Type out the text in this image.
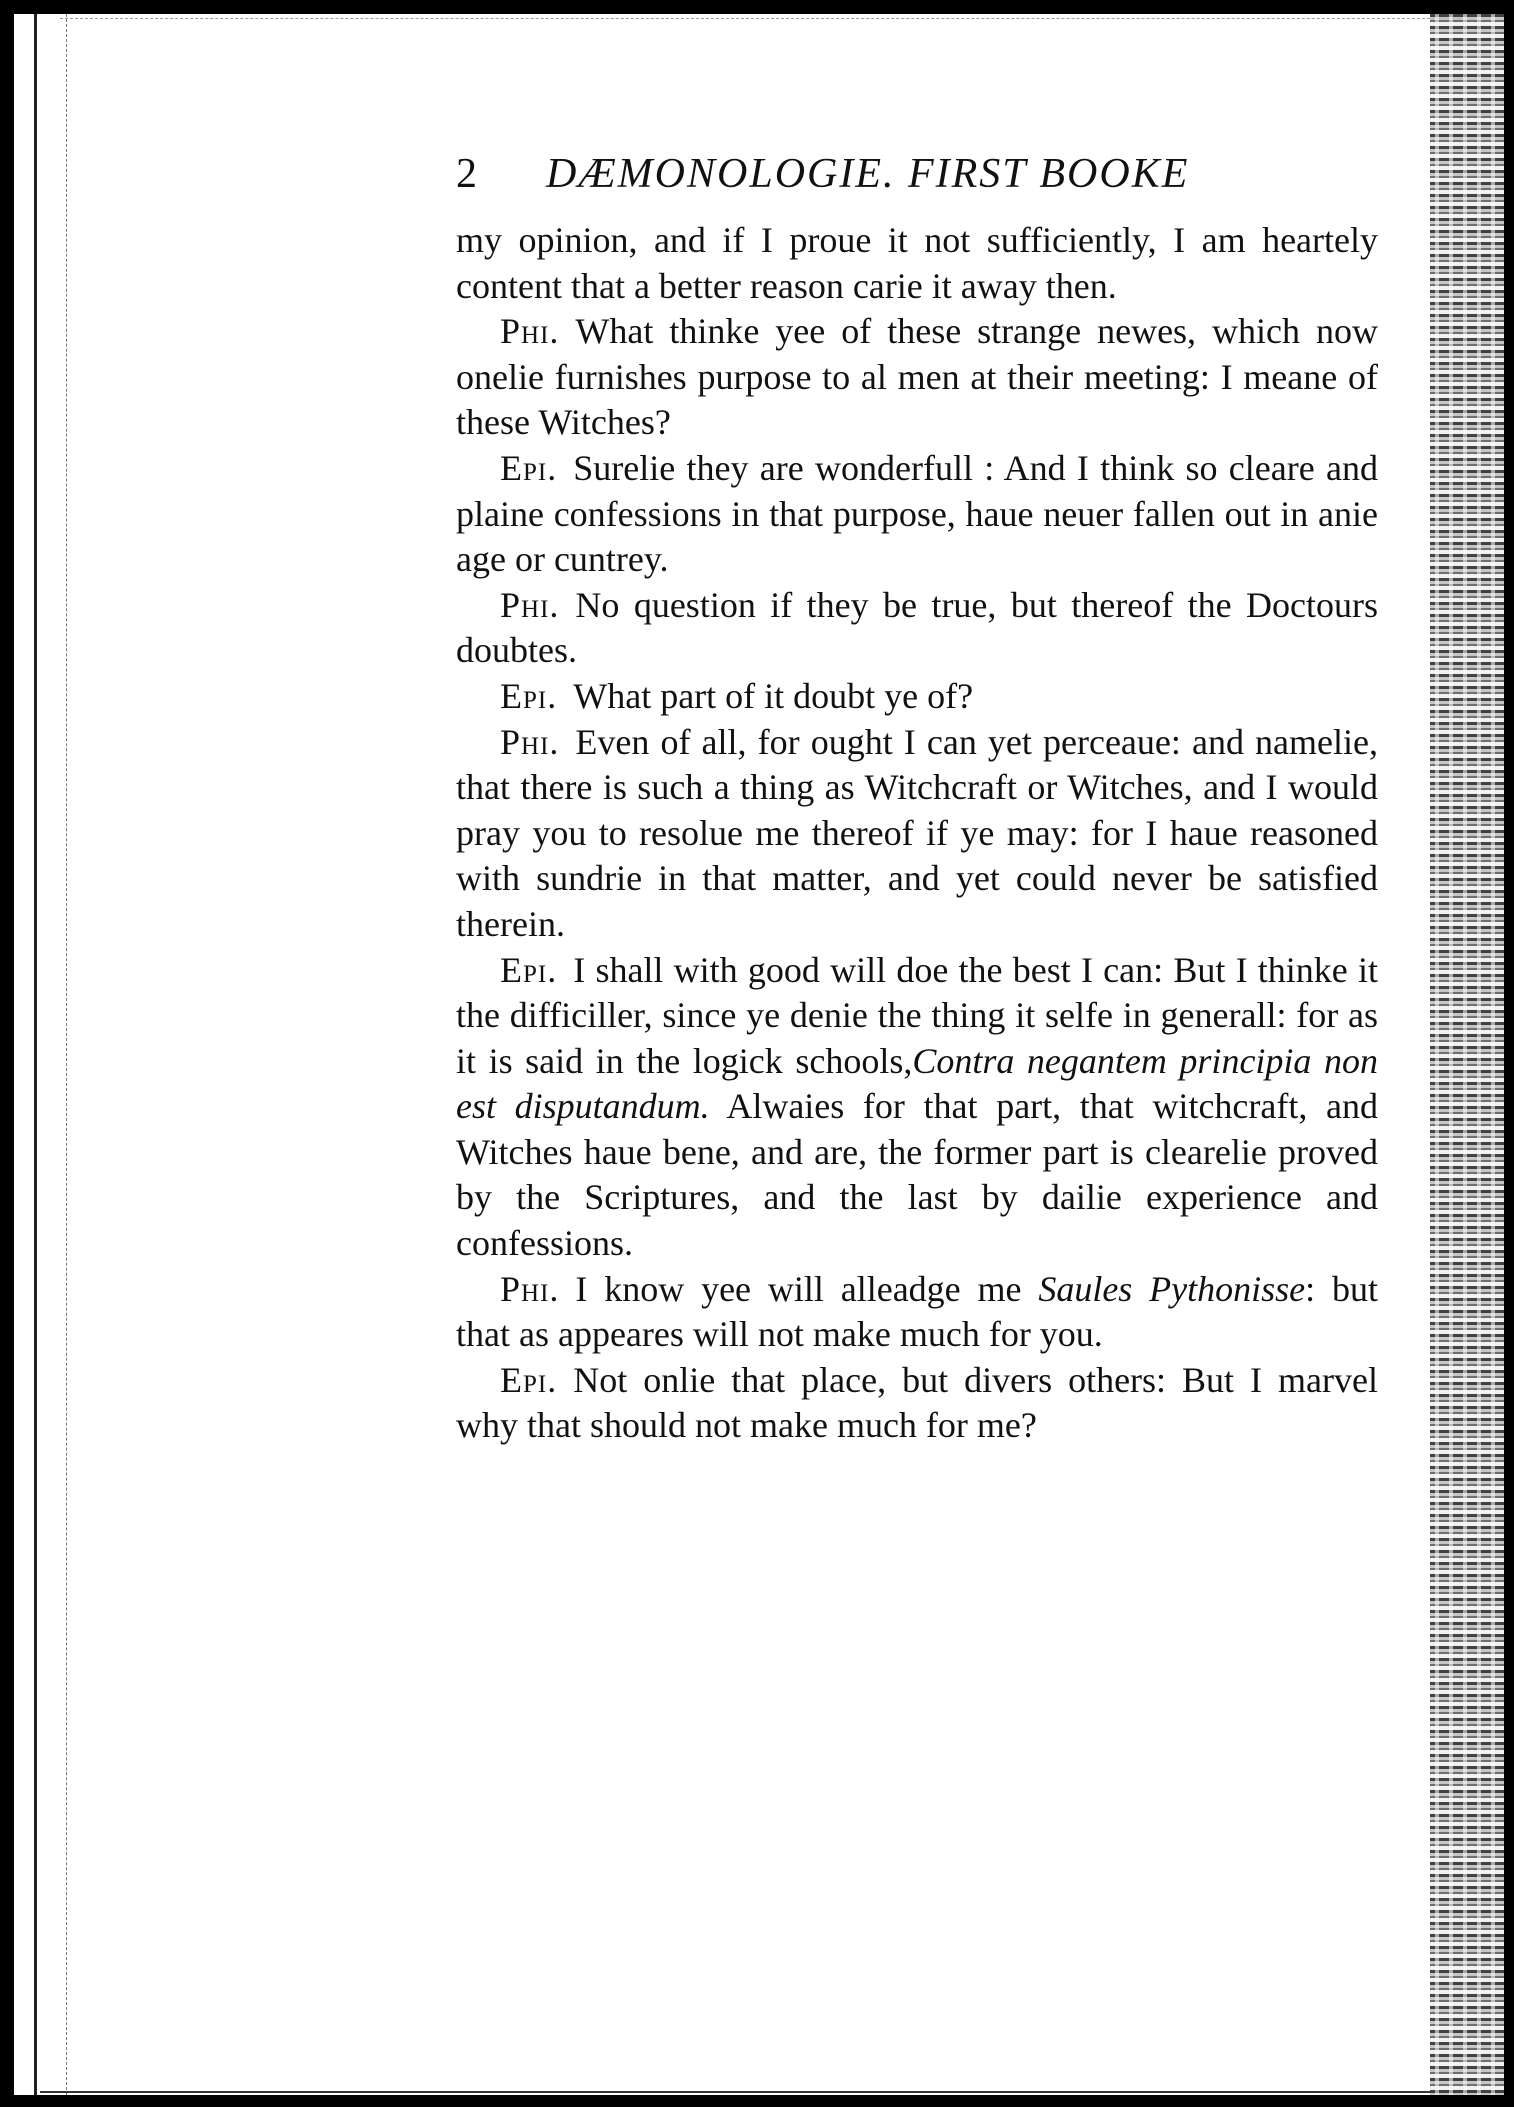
2	DÆMONOLOGIE. FIRST BOOKE

my opinion, and if I proue it not sufficiently, I am heartely content that a better reason carie it away then.

Phi. What thinke yee of these strange newes, which now onelie furnishes purpose to al men at their meeting: I meane of these Witches?

Epi. Surelie they are wonderfull : And I think so cleare and plaine confessions in that purpose, haue neuer fallen out in anie age or cuntrey.

Phi. No question if they be true, but thereof the Doctours doubtes.

Epi. What part of it doubt ye of?

Phi. Even of all, for ought I can yet perceaue: and namelie, that there is such a thing as Witchcraft or Witches, and I would pray you to resolue me thereof if ye may: for I haue reasoned with sundrie in that matter, and yet could never be satisfied therein.

Epi. I shall with good will doe the best I can: But I thinke it the difficiller, since ye denie the thing it selfe in generall: for as it is said in the logick schools,Contra negantem principia non est disputandum. Alwaies for that part, that witchcraft, and Witches haue bene, and are, the former part is clearelie proved by the Scriptures, and the last by dailie experience and confessions.

Phi. I know yee will alleadge me Saules Pythonisse: but that as appeares will not make much for you.

Epi. Not onlie that place, but divers others: But I marvel why that should not make much for me?
